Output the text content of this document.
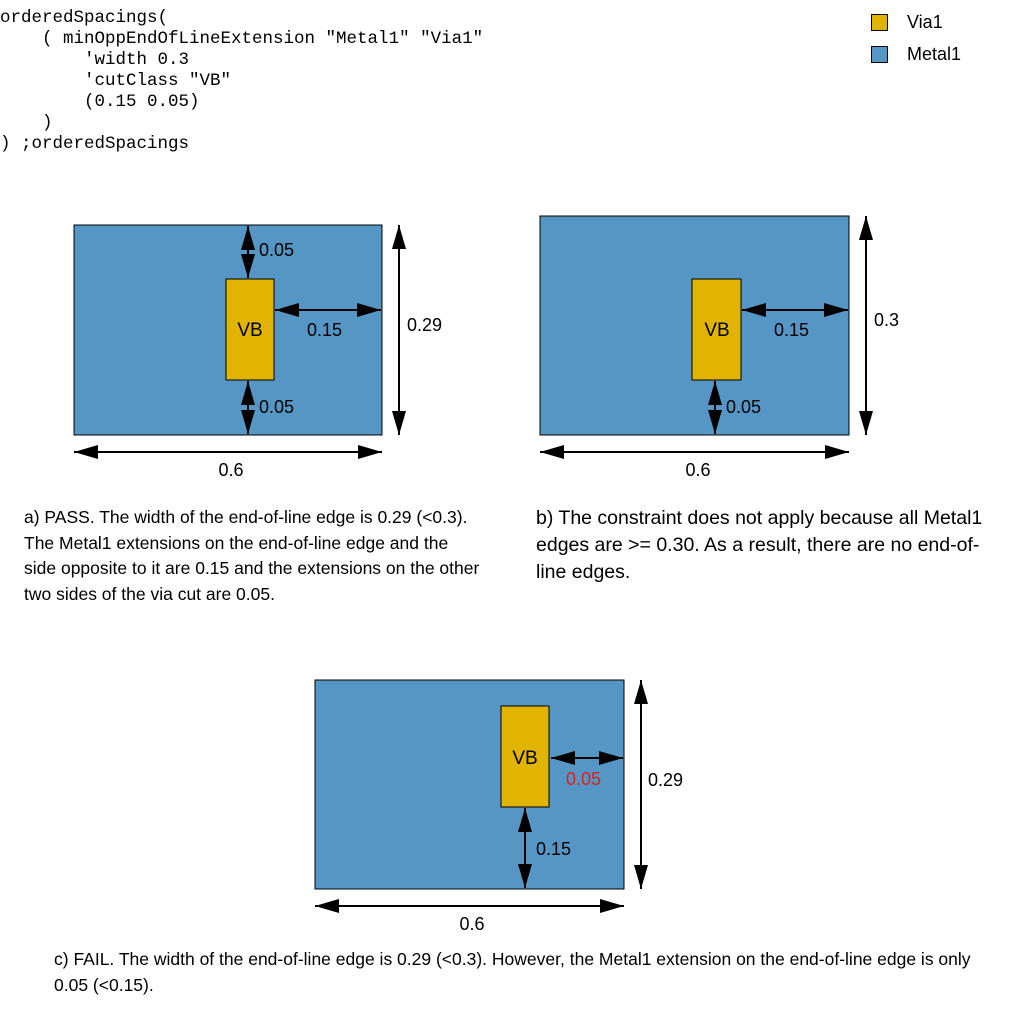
orderedSpacings(
( minOppEndOfLineExtension "Metal1" "Via1"
'width 0.3
'cutClass "VB"
(0.15 0.05)
)
) ;orderedSpacings
Via1
Metal1
VB
0.05
0.15
0.05
0.29
0.6
VB 0.15
0.05
0.3
0.6
VB
0.05
0.15
0.29
0.6
a) PASS. The width of the end-of-line edge is 0.29 (<0.3). The Metal1 extensions on the end-of-line edge and the side opposite to it are 0.15 and the extensions on the other two sides of the via cut are 0.05.
b) The constraint does not apply because all Metal1 edges are >= 0.30. As a result, there are no end-of-line edges.
c) FAIL. The width of the end-of-line edge is 0.29 (<0.3). However, the Metal1 extension on the end-of-line edge is only 0.05 (<0.15).
